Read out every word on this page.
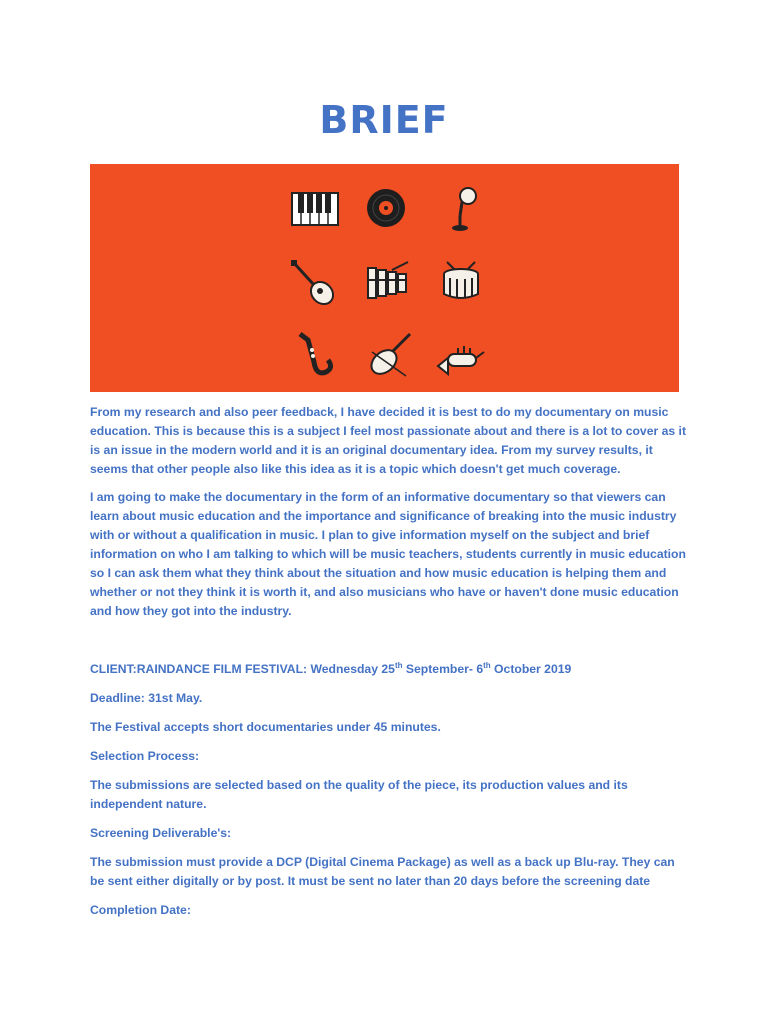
BRIEF

From my research and also peer feedback, I have decided it is best to do my documentary on music education. This is because this is a subject I feel most passionate about and there is a lot to cover as it is an issue in the modern world and it is an original documentary idea. From my survey results, it seems that other people also like this idea as it is a topic which doesn't get much coverage.

I am going to make the documentary in the form of an informative documentary so that viewers can learn about music education and the importance and significance of breaking into the music industry with or without a qualification in music. I plan to give information myself on the subject and brief information on who I am talking to which will be music teachers, students currently in music education so I can ask them what they think about the situation and how music education is helping them and whether or not they think it is worth it, and also musicians who have or haven't done music education and how they got into the industry.

CLIENT:RAINDANCE FILM FESTIVAL: Wednesday 25th September- 6th October 2019

Deadline: 31st May.

The Festival accepts short documentaries under 45 minutes.

Selection Process:

The submissions are selected based on the quality of the piece, its production values and its independent nature.

Screening Deliverable's:

The submission must provide a DCP (Digital Cinema Package) as well as a back up Blu-ray. They can be sent either digitally or by post. It must be sent no later than 20 days before the screening date

Completion Date:
